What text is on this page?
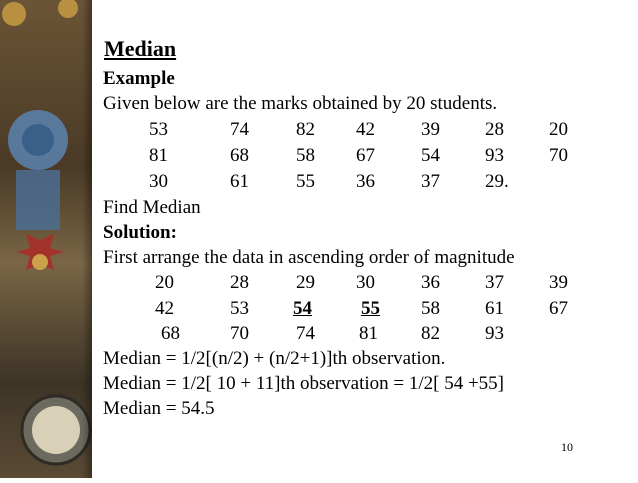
Median
Example
Given below are the marks obtained by 20 students.
53	74 82 42 39 28 20
81	68 58 67 54 93 70
30	61 55 36 37 29.
Find Median
Solution:
First arrange the data in ascending order of magnitude
20	28 29 30 36 37 39
42	53 54	55 58 61 67
68	70 74 81 82 93
Median = 1/2[(n/2) + (n/2+1)]th observation.
Median = 1/2[ 10 + 11]th observation = 1/2[ 54 +55]
Median = 54.5
10
